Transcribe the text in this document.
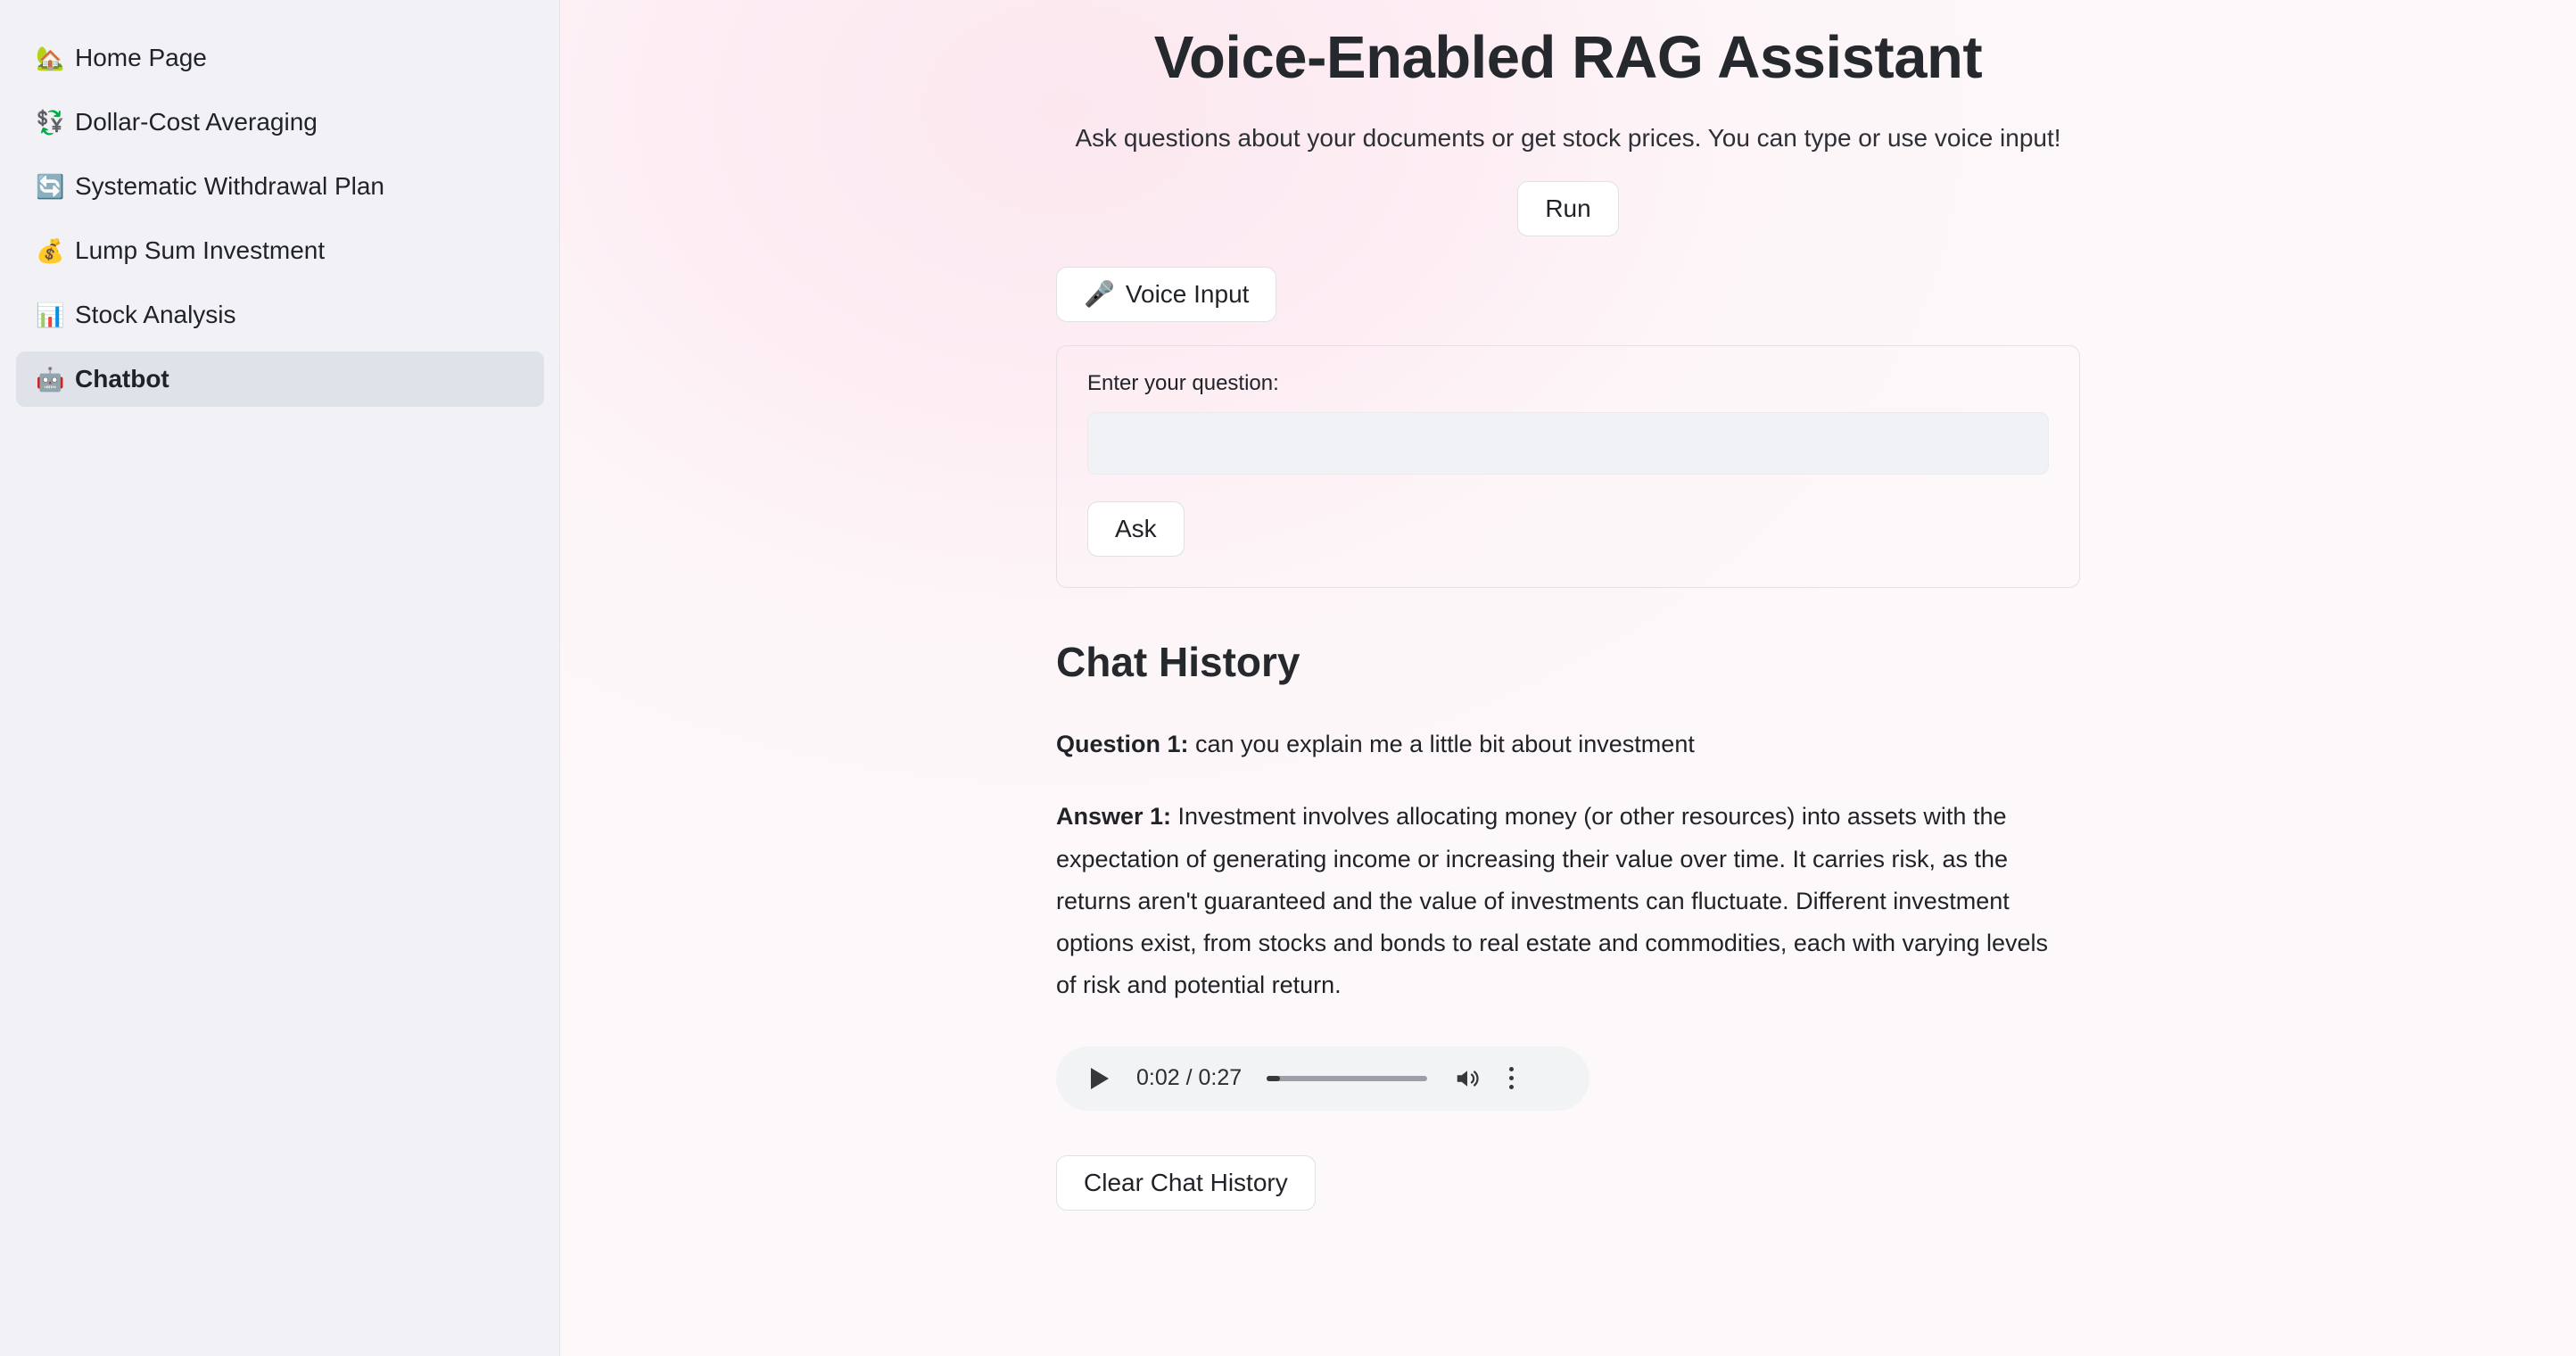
🏡 Home Page
💱 Dollar-Cost Averaging
🔄 Systematic Withdrawal Plan
💰 Lump Sum Investment
📊 Stock Analysis
🤖 Chatbot
Voice-Enabled RAG Assistant

Ask questions about your documents or get stock prices. You can type or use voice input!

Run
🎤 Voice Input
Enter your question:
Ask
Chat History

Question 1: can you explain me a little bit about investment

Answer 1: Investment involves allocating money (or other resources) into assets with the expectation of generating income or increasing their value over time. It carries risk, as the returns aren't guaranteed and the value of investments can fluctuate. Different investment options exist, from stocks and bonds to real estate and commodities, each with varying levels of risk and potential return.

0:02 / 0:27
Clear Chat History
